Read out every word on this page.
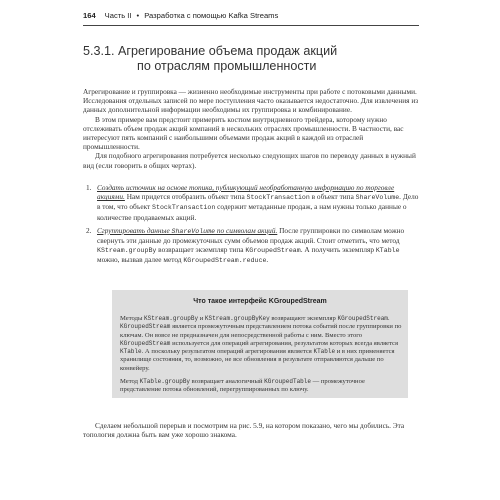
164 Часть II • Разработка с помощью Kafka Streams
5.3.1. Агрегирование объема продаж акций
по отраслям промышленности

Агрегирование и группировка — жизненно необходимые инструменты при работе с потоковыми данными. Исследования отдельных записей по мере поступления часто оказывается недостаточно. Для извлечения из данных дополнительной информации необходимы их группировка и комбинирование.

В этом примере вам предстоит примерить костюм внутридневного трейдера, которому нужно отслеживать объем продаж акций компаний в нескольких отраслях промышленности. В частности, вас интересуют пять компаний с наибольшими объемами продаж акций в каждой из отраслей промышленности.

Для подобного агрегирования потребуется несколько следующих шагов по переводу данных в нужный вид (если говорить в общих чертах).

1. Создать источник на основе топика, публикующий необработанную информацию по торговле акциями. Нам придется отобразить объект типа StockTransaction в объект типа ShareVolume. Дело в том, что объект StockTransaction содержит метаданные продаж, а нам нужны только данные о количестве продаваемых акций.
2. Сгруппировать данные ShareVolume по символам акций. После группировки по символам можно свернуть эти данные до промежуточных сумм объемов продаж акций. Стоит отметить, что метод KStream.groupBy возвращает экземпляр типа KGroupedStream. А получить экземпляр KTable можно, вызвав далее метод KGroupedStream.reduce.
Что такое интерфейс KGroupedStream

Методы KStream.groupBy и KStream.groupByKey возвращают экземпляр KGroupedStream. KGroupedStream является промежуточным представлением потока событий после группировки по ключам. Он вовсе не предназначен для непосредственной работы с ним. Вместо этого KGroupedStream используется для операций агрегирования, результатом которых всегда является KTable. А поскольку результатом операций агрегирования является KTable и в них применяется хранилище состояния, то, возможно, не все обновления в результате отправляются дальше по конвейеру.

Метод KTable.groupBy возвращает аналогичный KGroupedTable — промежуточное представление потока обновлений, перегруппированных по ключу.

Сделаем небольшой перерыв и посмотрим на рис. 5.9, на котором показано, чего мы добились. Эта топология должна быть вам уже хорошо знакома.
